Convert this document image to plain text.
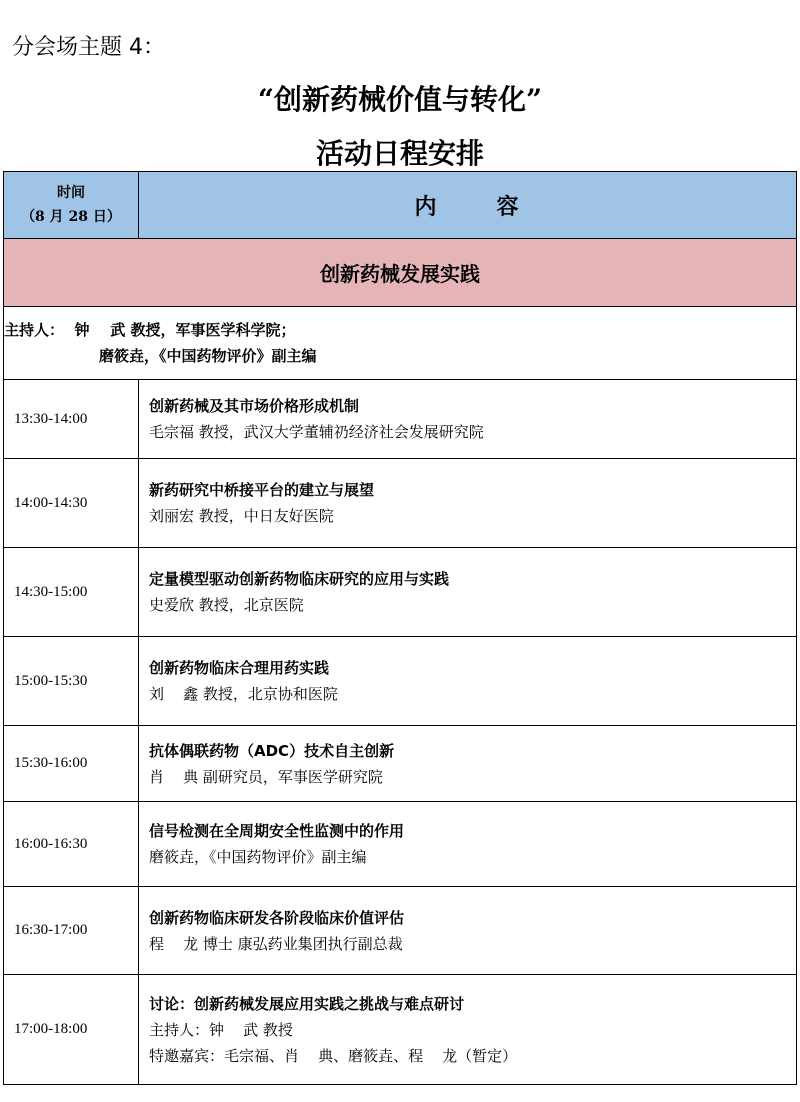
分会场主题 4：
“创新药械价值与转化”
活动日程安排
时间
（8 月 28 日）	内 容
创新药械发展实践	

主持人：  钟    武 教授，军事医学科学院；
磨筱垚，《中国药物评价》副主编	

13:30-14:00	创新药械及其市场价格形成机制
毛宗福 教授，武汉大学董辅礽经济社会发展研究院

14:00-14:30	新药研究中桥接平台的建立与展望
刘丽宏 教授，中日友好医院

14:30-15:00	定量模型驱动创新药物临床研究的应用与实践
史爱欣 教授，北京医院

15:00-15:30	创新药物临床合理用药实践
刘    鑫 教授，北京协和医院

15:30-16:00	抗体偶联药物（ADC）技术自主创新
肖    典 副研究员，军事医学研究院

16:00-16:30	信号检测在全周期安全性监测中的作用
磨筱垚，《中国药物评价》副主编

16:30-17:00	创新药物临床研发各阶段临床价值评估
程    龙 博士 康弘药业集团执行副总裁

17:00-18:00	讨论：创新药械发展应用实践之挑战与难点研讨
主持人：钟    武 教授
特邀嘉宾：毛宗福、肖    典、磨筱垚、程    龙（暂定）
